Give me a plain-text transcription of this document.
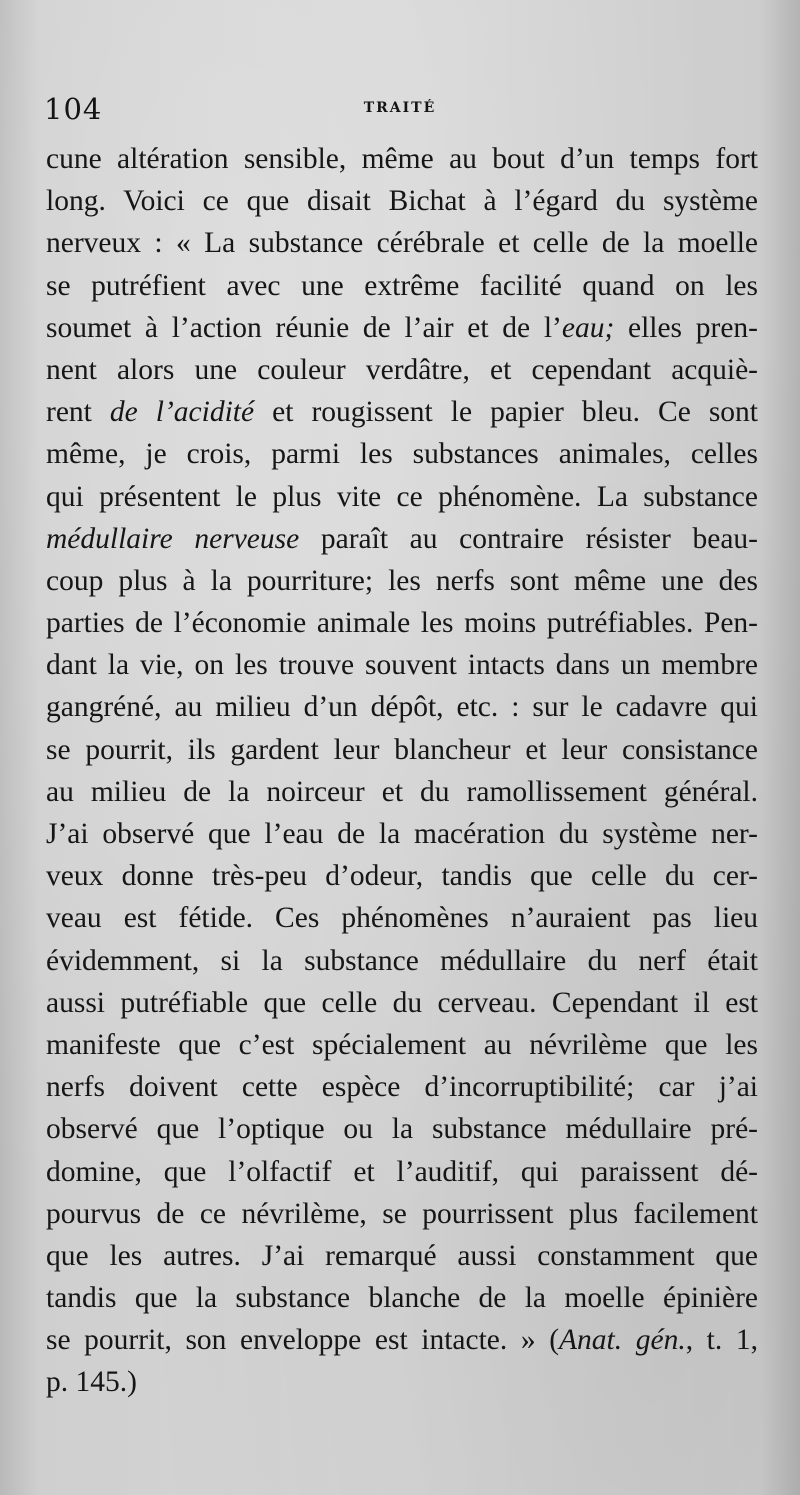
104	TRAITÉ
cune altération sensible, même au bout d’un temps fort
long. Voici ce que disait Bichat à l’égard du système
nerveux : « La substance cérébrale et celle de la moelle
se putréfient avec une extrême facilité quand on les
soumet à l’action réunie de l’air et de l’eau; elles pren-
nent alors une couleur verdâtre, et cependant acquiè-
rent de l’acidité et rougissent le papier bleu. Ce sont
même, je crois, parmi les substances animales, celles
qui présentent le plus vite ce phénomène. La substance
médullaire nerveuse paraît au contraire résister beau-
coup plus à la pourriture; les nerfs sont même une des
parties de l’économie animale les moins putréfiables. Pen-
dant la vie, on les trouve souvent intacts dans un membre
gangréné, au milieu d’un dépôt, etc. : sur le cadavre qui
se pourrit, ils gardent leur blancheur et leur consistance
au milieu de la noirceur et du ramollissement général.
J’ai observé que l’eau de la macération du système ner-
veux donne très-peu d’odeur, tandis que celle du cer-
veau est fétide. Ces phénomènes n’auraient pas lieu
évidemment, si la substance médullaire du nerf était
aussi putréfiable que celle du cerveau. Cependant il est
manifeste que c’est spécialement au névrilème que les
nerfs doivent cette espèce d’incorruptibilité; car j’ai
observé que l’optique ou la substance médullaire pré-
domine, que l’olfactif et l’auditif, qui paraissent dé-
pourvus de ce névrilème, se pourrissent plus facilement
que les autres. J’ai remarqué aussi constamment que
tandis que la substance blanche de la moelle épinière
se pourrit, son enveloppe est intacte. » (Anat. gén., t. 1,
p. 145.)
